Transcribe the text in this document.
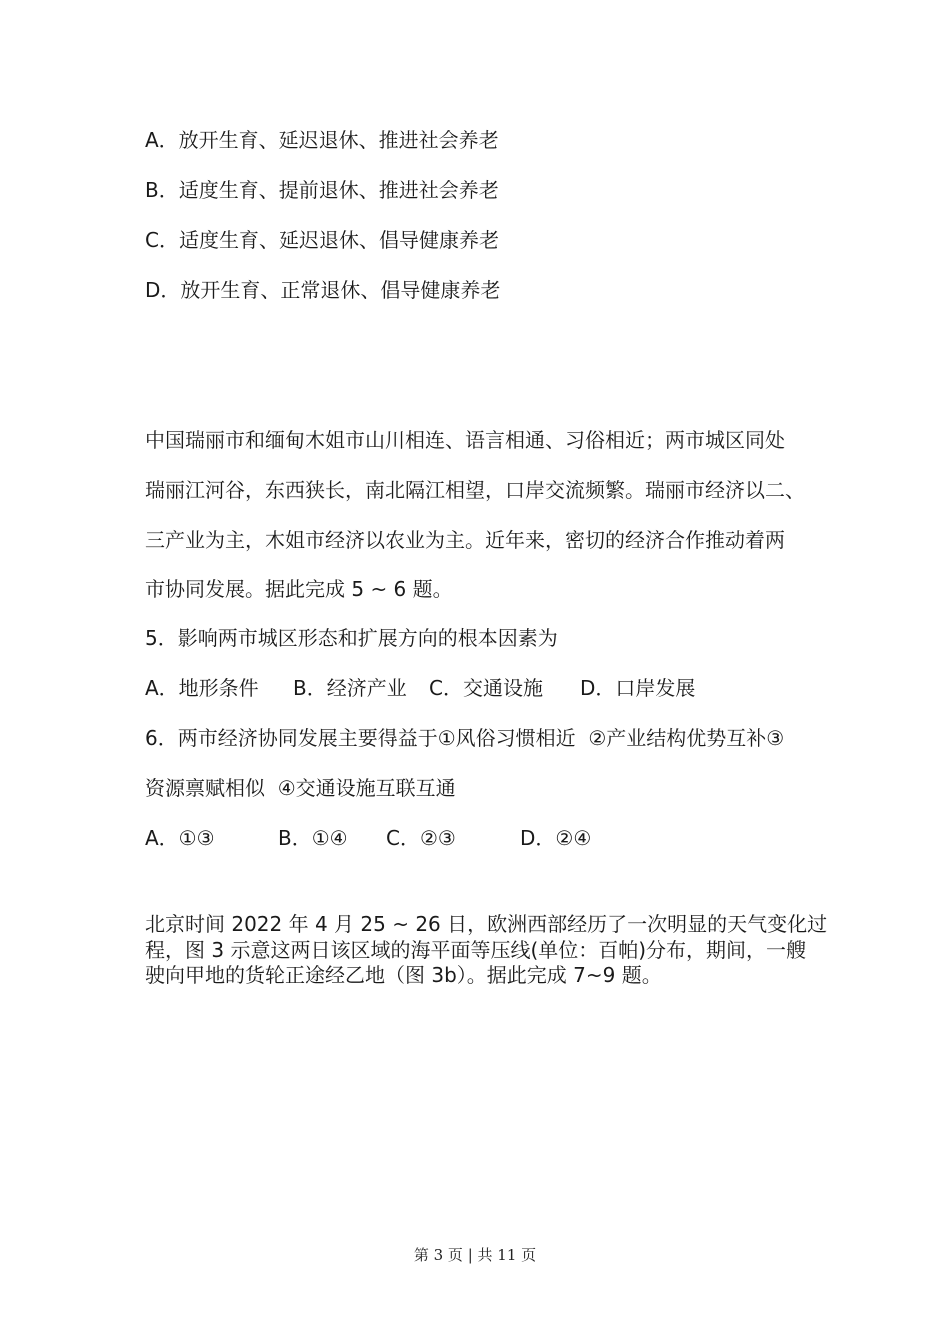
A．放开生育、延迟退休、推进社会养老
B．适度生育、提前退休、推进社会养老
C．适度生育、延迟退休、倡导健康养老
D．放开生育、正常退休、倡导健康养老
中国瑞丽市和缅甸木姐市山川相连、语言相通、习俗相近；两市城区同处
瑞丽江河谷，东西狭长，南北隔江相望，口岸交流频繁。瑞丽市经济以二、
三产业为主，木姐市经济以农业为主。近年来，密切的经济合作推动着两
市协同发展。据此完成 5 ~ 6 题。
5．影响两市城区形态和扩展方向的根本因素为
A．地形条件 B．经济产业 C．交通设施 D．口岸发展
6．两市经济协同发展主要得益于①风俗习惯相近  ②产业结构优势互补③
资源禀赋相似  ④交通设施互联互通
A．①③	B．①④ C．②③	D．②④
北京时间 2022 年 4 月 25 ~ 26 日，欧洲西部经历了一次明显的天气变化过
程，图 3 示意这两日该区域的海平面等压线(单位：百帕)分布，期间，一艘
驶向甲地的货轮正途经乙地（图 3b）。据此完成 7~9 题。
第 3 页 | 共 11 页
